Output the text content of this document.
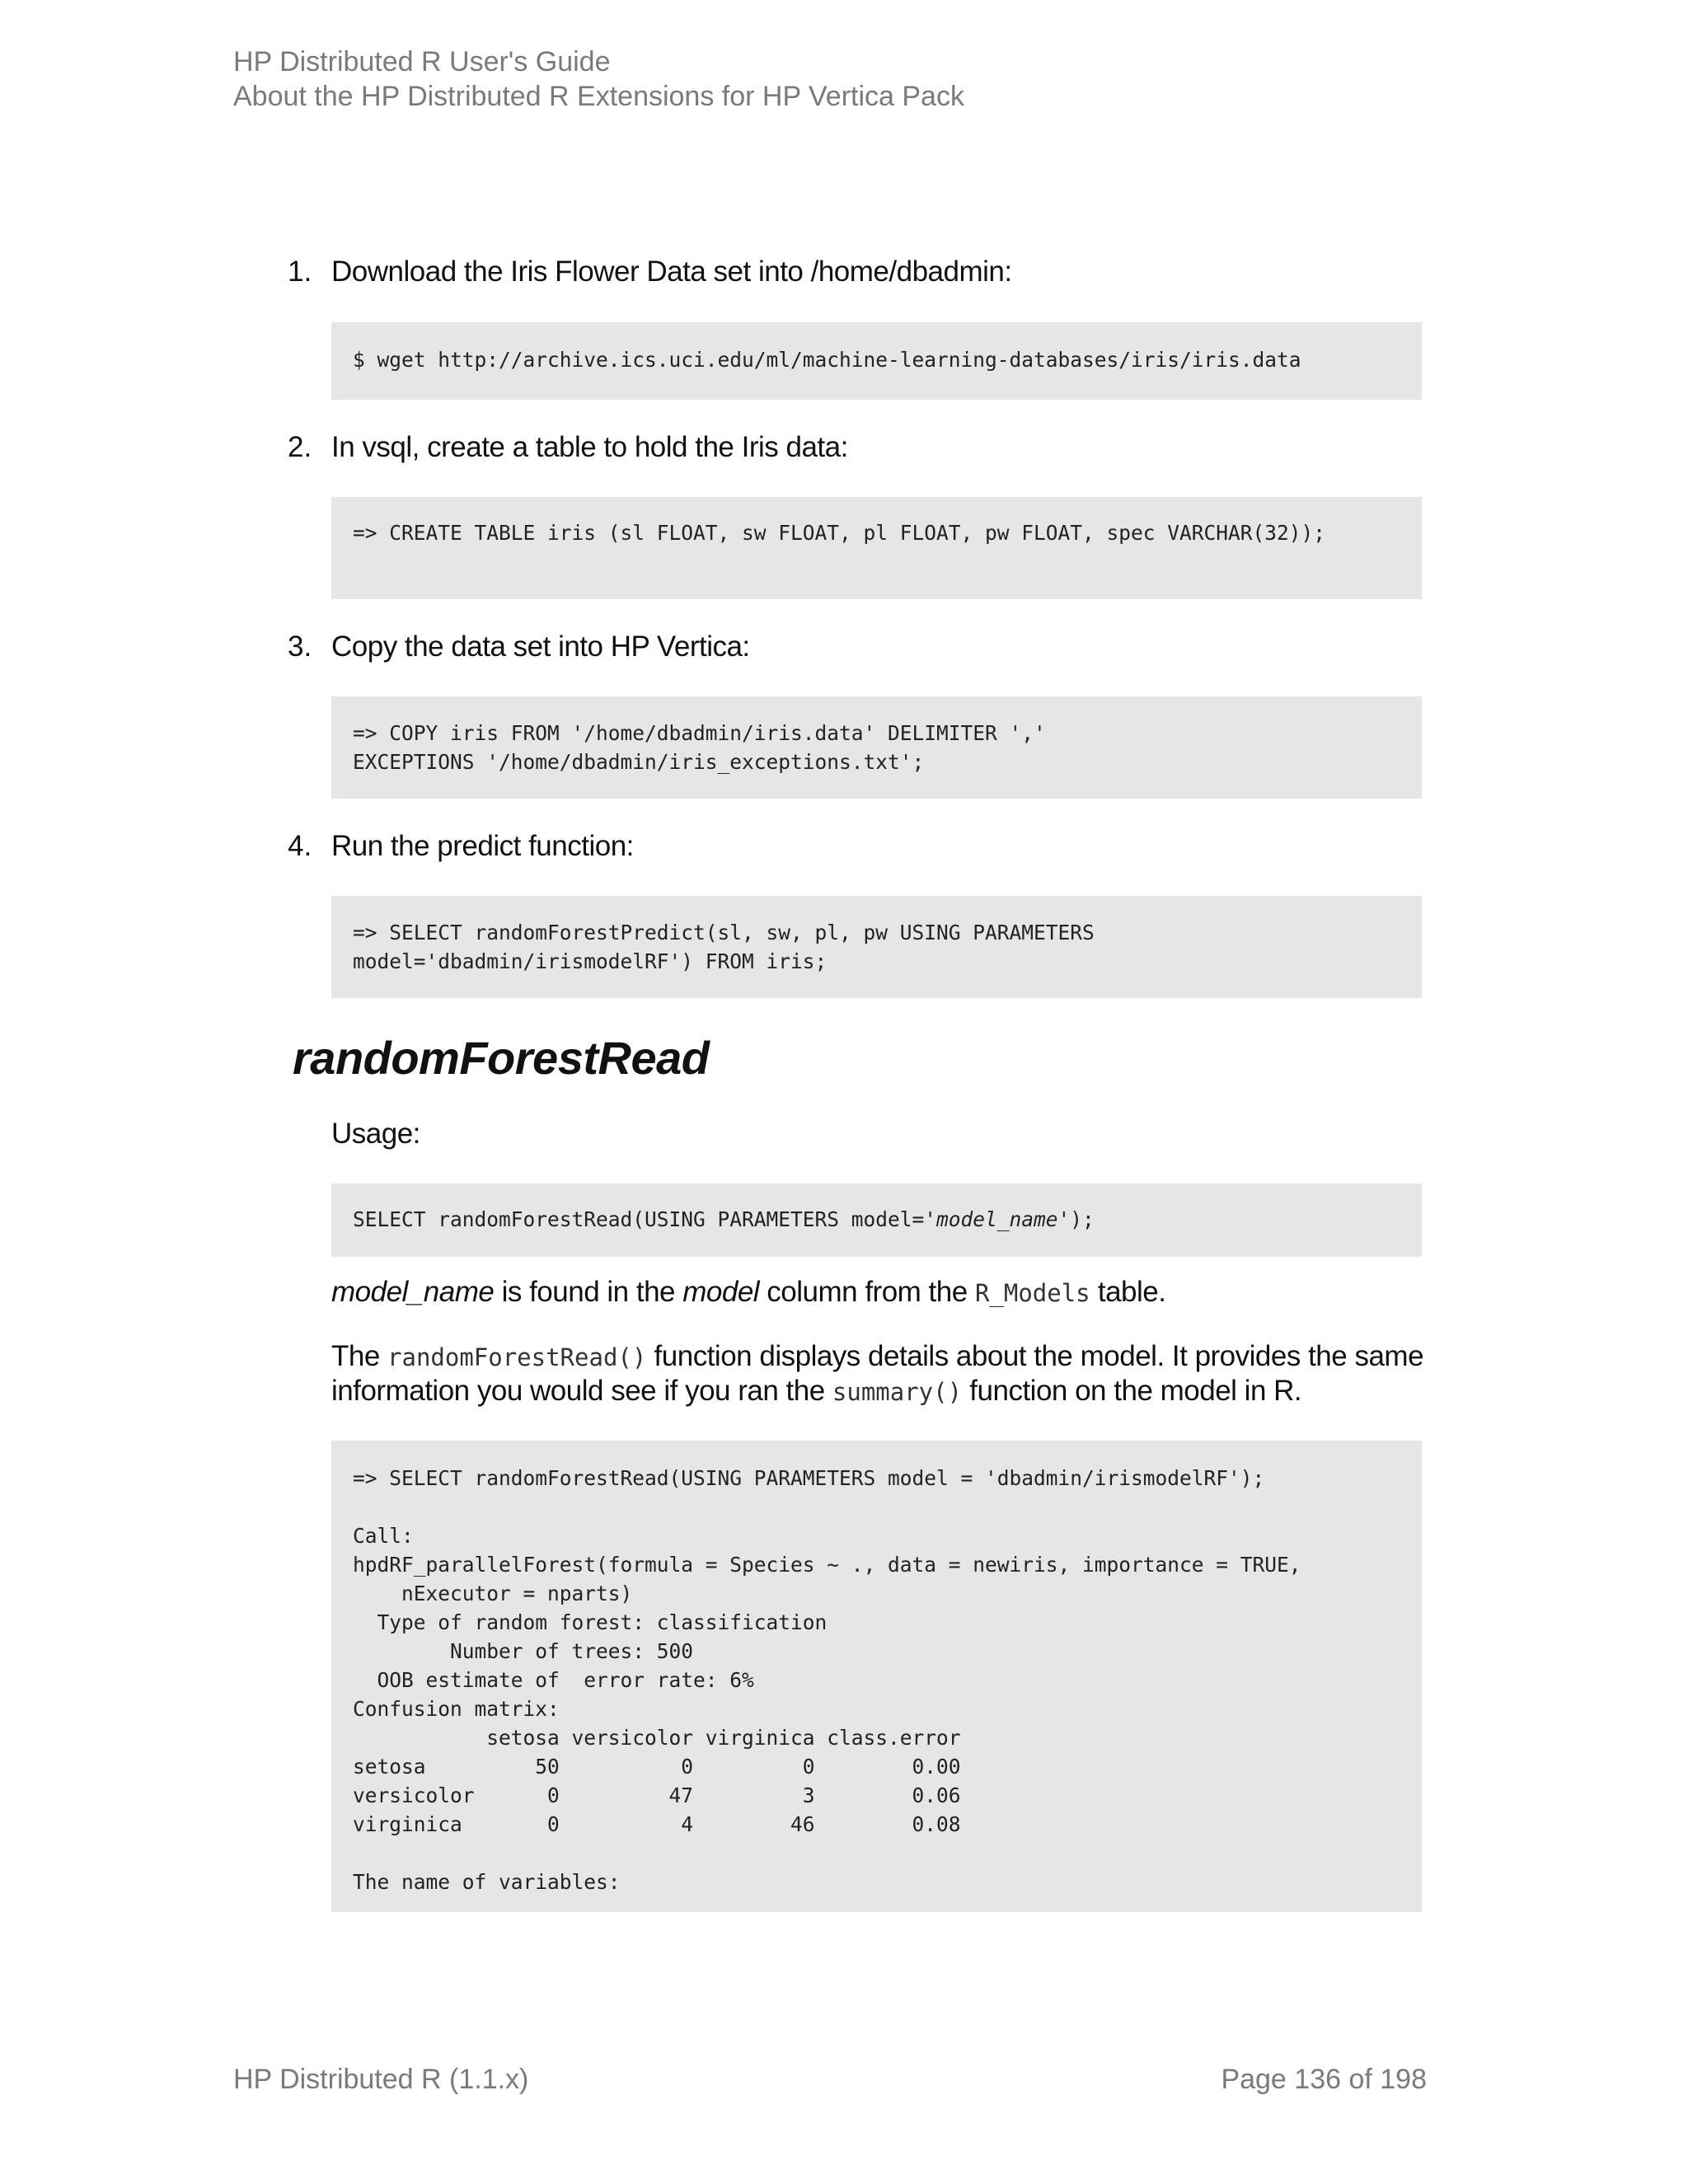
HP Distributed R User's Guide
About the HP Distributed R Extensions for HP Vertica Pack
1. Download the Iris Flower Data set into /home/dbadmin:
$ wget http://archive.ics.uci.edu/ml/machine-learning-databases/iris/iris.data
2. In vsql, create a table to hold the Iris data:
=> CREATE TABLE iris (sl FLOAT, sw FLOAT, pl FLOAT, pw FLOAT, spec VARCHAR(32));
3. Copy the data set into HP Vertica:
=> COPY iris FROM '/home/dbadmin/iris.data' DELIMITER ','
EXCEPTIONS '/home/dbadmin/iris_exceptions.txt';
4. Run the predict function:
=> SELECT randomForestPredict(sl, sw, pl, pw USING PARAMETERS
model='dbadmin/irismodelRF') FROM iris;
randomForestRead
Usage:
SELECT randomForestRead(USING PARAMETERS model='model_name');
model_name is found in the model column from the R_Models table.
The randomForestRead() function displays details about the model. It provides the same
information you would see if you ran the summary() function on the model in R.
=> SELECT randomForestRead(USING PARAMETERS model = 'dbadmin/irismodelRF');
Call:
hpdRF_parallelForest(formula = Species ~ ., data = newiris, importance = TRUE,
nExecutor = nparts)
Type of random forest: classification
Number of trees: 500
OOB estimate of  error rate: 6%
Confusion matrix:
setosa versicolor virginica class.error
setosa         50          0         0        0.00
versicolor      0         47         3        0.06
virginica       0          4        46        0.08
The name of variables:
HP Distributed R (1.1.x)	Page 136 of 198
